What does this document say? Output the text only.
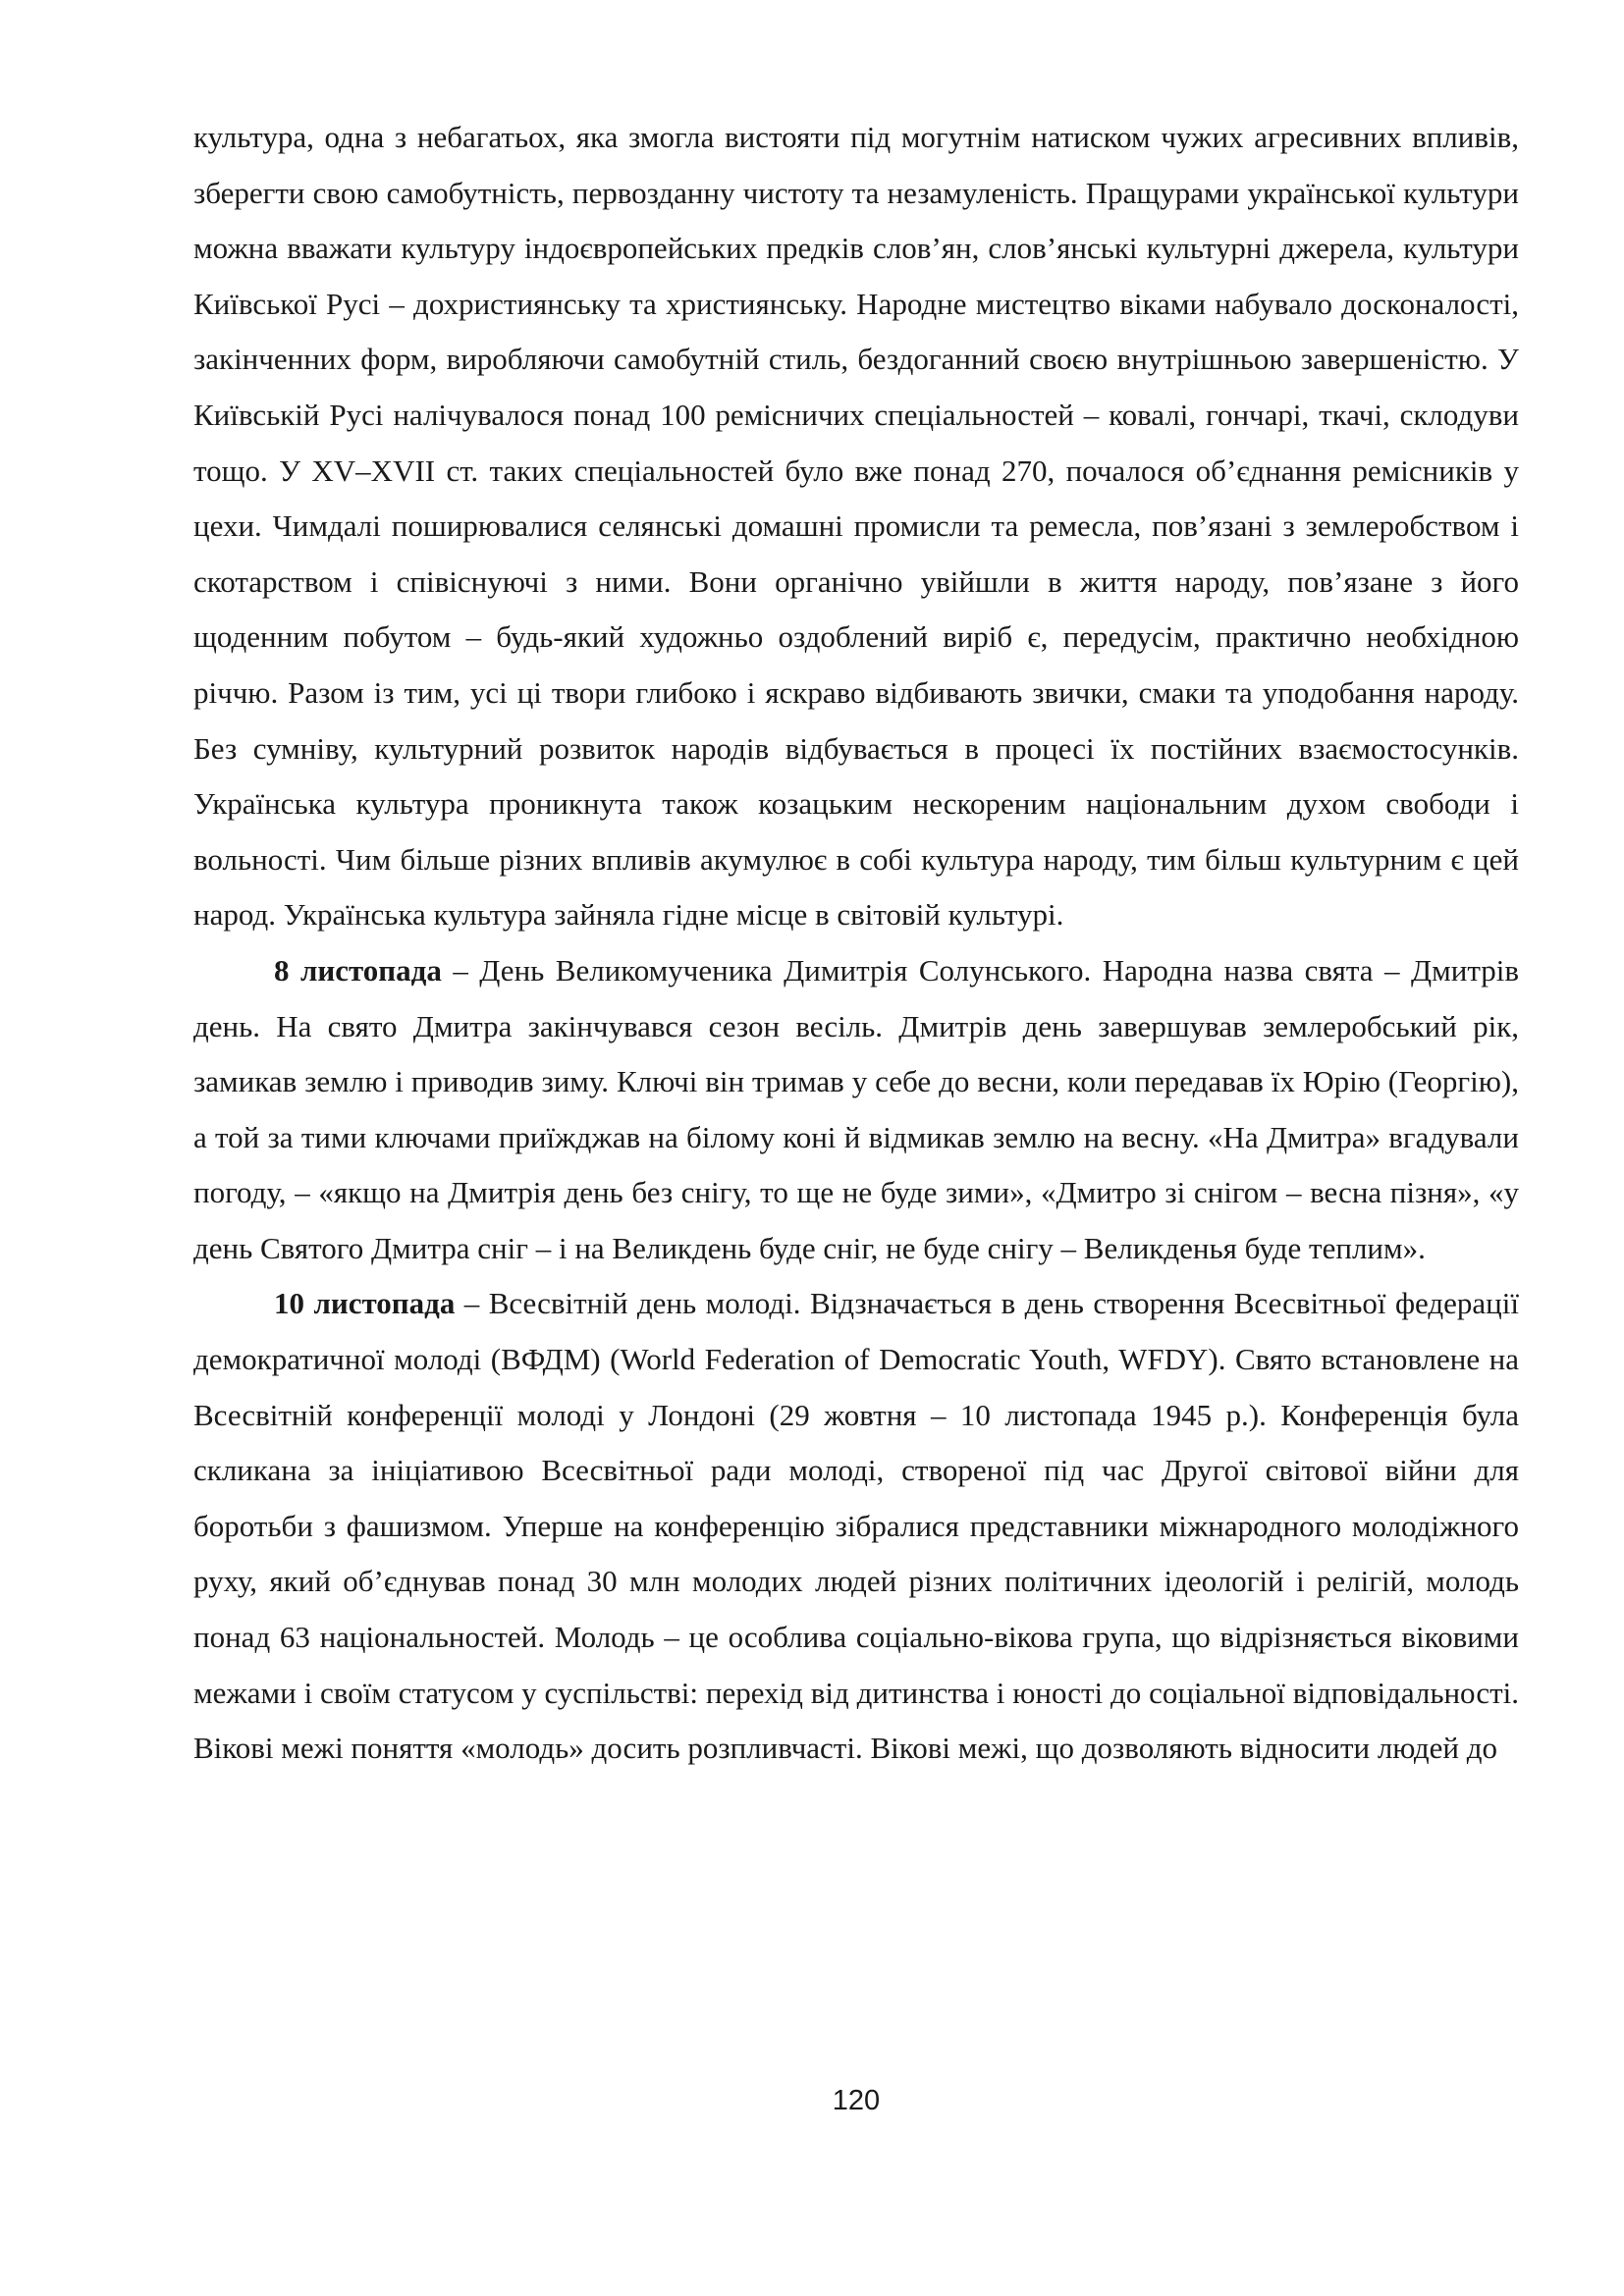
культура, одна з небагатьох, яка змогла вистояти під могутнім натиском чужих агресивних впливів, зберегти свою самобутність, первозданну чистоту та незамуленість. Пращурами української культури можна вважати культуру індоєвропейських предків слов’ян, слов’янські культурні джерела, культури Київської Русі – дохристиянську та християнську. Народне мистецтво віками набувало досконалості, закінченних форм, виробляючи самобутній стиль, бездоганний своєю внутрішньою завершеністю. У Київській Русі налічувалося понад 100 ремісничих спеціальностей – ковалі, гончарі, ткачі, склодуви тощо. У XV–XVII ст. таких спеціальностей було вже понад 270, почалося об’єднання ремісників у цехи. Чимдалі поширювалися селянські домашні промисли та ремесла, пов’язані з землеробством і скотарством і співіснуючі з ними. Вони органічно увійшли в життя народу, пов’язане з його щоденним побутом – будь-який художньо оздоблений виріб є, передусім, практично необхідною річчю. Разом із тим, усі ці твори глибоко і яскраво відбивають звички, смаки та уподобання народу. Без сумніву, культурний розвиток народів відбувається в процесі їх постійних взаємостосунків. Українська культура проникнута також козацьким нескореним національним духом свободи і вольності. Чим більше різних впливів акумулює в собі культура народу, тим більш культурним є цей народ. Українська культура зайняла гідне місце в світовій культурі.

8 листопада – День Великомученика Димитрія Солунського. Народна назва свята – Дмитрів день. На свято Дмитра закінчувався сезон весіль. Дмитрів день завершував землеробський рік, замикав землю і приводив зиму. Ключі він тримав у себе до весни, коли передавав їх Юрію (Георгію), а той за тими ключами приїжджав на білому коні й відмикав землю на весну. «На Дмитра» вгадували погоду, – «якщо на Дмитрія день без снігу, то ще не буде зими», «Дмитро зі снігом – весна пізня», «у день Святого Дмитра сніг – і на Великдень буде сніг, не буде снігу – Великденья буде теплим».

10 листопада – Всесвітній день молоді. Відзначається в день створення Всесвітньої федерації демократичної молоді (ВФДМ) (World Federation of Democratic Youth, WFDY). Свято встановлене на Всесвітній конференції молоді у Лондоні (29 жовтня – 10 листопада 1945 р.). Конференція була скликана за ініціативою Всесвітньої ради молоді, створеної під час Другої світової війни для боротьби з фашизмом. Уперше на конференцію зібралися представники міжнародного молодіжного руху, який об’єднував понад 30 млн молодих людей різних політичних ідеологій і релігій, молодь понад 63 національностей. Молодь – це особлива соціально-вікова група, що відрізняється віковими межами і своїм статусом у суспільстві: перехід від дитинства і юності до соціальної відповідальності. Вікові межі поняття «молодь» досить розпливчасті. Вікові межі, що дозволяють відносити людей до

120
